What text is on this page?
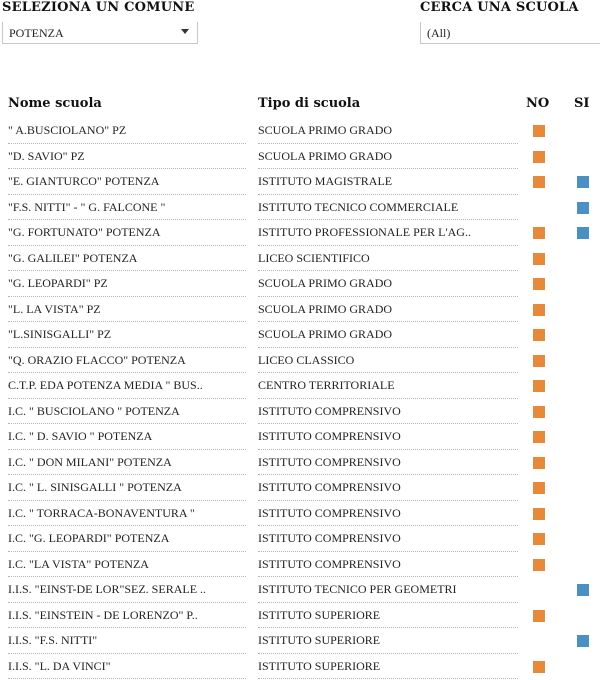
SELEZIONA UN COMUNE
POTENZA
CERCA UNA SCUOLA
(All)
Nome scuola	Tipo di scuola	NO SI
" A.BUSCIOLANO" PZ	SCUOLA PRIMO GRADO
"D. SAVIO" PZ	SCUOLA PRIMO GRADO
"E. GIANTURCO" POTENZA	ISTITUTO MAGISTRALE
"F.S. NITTI" - " G. FALCONE "	ISTITUTO TECNICO COMMERCIALE
"G. FORTUNATO" POTENZA	ISTITUTO PROFESSIONALE PER L'AG..
"G. GALILEI" POTENZA	LICEO SCIENTIFICO
"G. LEOPARDI" PZ	SCUOLA PRIMO GRADO
"L. LA VISTA" PZ	SCUOLA PRIMO GRADO
"L.SINISGALLI" PZ	SCUOLA PRIMO GRADO
"Q. ORAZIO FLACCO" POTENZA	LICEO CLASSICO
C.T.P. EDA POTENZA MEDIA " BUS..	CENTRO TERRITORIALE
I.C. " BUSCIOLANO " POTENZA	ISTITUTO COMPRENSIVO
I.C. " D. SAVIO " POTENZA	ISTITUTO COMPRENSIVO
I.C. " DON MILANI" POTENZA	ISTITUTO COMPRENSIVO
I.C. " L. SINISGALLI " POTENZA	ISTITUTO COMPRENSIVO
I.C. " TORRACA-BONAVENTURA "	ISTITUTO COMPRENSIVO
I.C. "G. LEOPARDI" POTENZA	ISTITUTO COMPRENSIVO
I.C. "LA VISTA" POTENZA	ISTITUTO COMPRENSIVO
I.I.S. "EINST-DE LOR"SEZ. SERALE ..	ISTITUTO TECNICO PER GEOMETRI
I.I.S. "EINSTEIN - DE LORENZO" P..	ISTITUTO SUPERIORE
I.I.S. "F.S. NITTI"	ISTITUTO SUPERIORE
I.I.S. "L. DA VINCI"	ISTITUTO SUPERIORE
